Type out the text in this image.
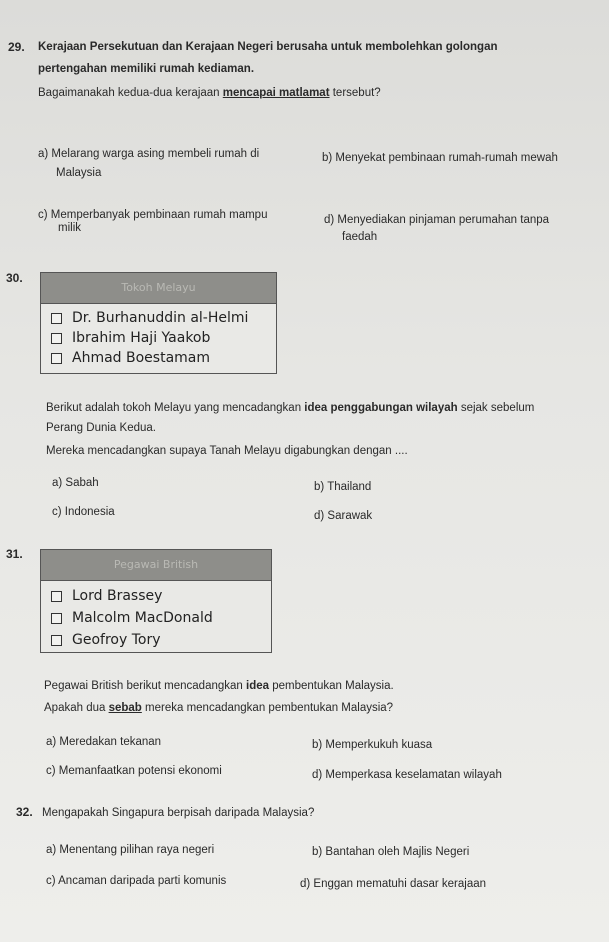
29. Kerajaan Persekutuan dan Kerajaan Negeri berusaha untuk membolehkan golongan
pertengahan memiliki rumah kediaman.
Bagaimanakah kedua-dua kerajaan mencapai matlamat tersebut?
a) Melarang warga asing membeli rumah di
Malaysia
b) Menyekat pembinaan rumah-rumah mewah
c) Memperbanyak pembinaan rumah mampu
milik
d) Menyediakan pinjaman perumahan tanpa
faedah
30.
Tokoh Melayu
Dr. Burhanuddin al-Helmi
Ibrahim Haji Yaakob
Ahmad Boestamam
Berikut adalah tokoh Melayu yang mencadangkan idea penggabungan wilayah sejak sebelum
Perang Dunia Kedua.
Mereka mencadangkan supaya Tanah Melayu digabungkan dengan ....
a) Sabah	b) Thailand
c) Indonesia	d) Sarawak
31.
Pegawai British
Lord Brassey
Malcolm MacDonald
Geofroy Tory
Pegawai British berikut mencadangkan idea pembentukan Malaysia.
Apakah dua sebab mereka mencadangkan pembentukan Malaysia?
a) Meredakan tekanan	b) Memperkukuh kuasa
c) Memanfaatkan potensi ekonomi	d) Memperkasa keselamatan wilayah
32. Mengapakah Singapura berpisah daripada Malaysia?
a) Menentang pilihan raya negeri	b) Bantahan oleh Majlis Negeri
c) Ancaman daripada parti komunis	d) Enggan mematuhi dasar kerajaan
